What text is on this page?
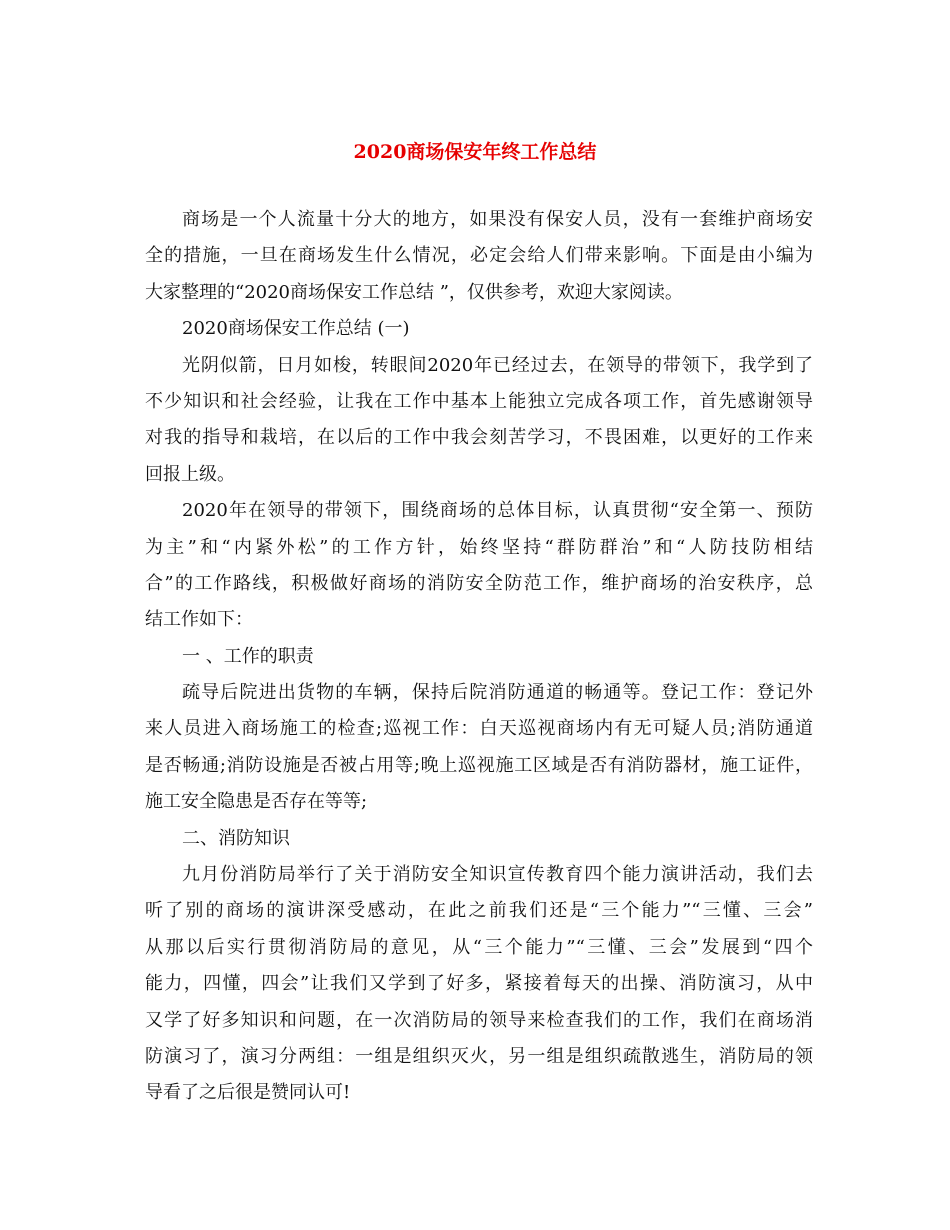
2020商场保安年终工作总结
商场是一个人流量十分大的地方，如果没有保安人员，没有一套维护商场安
全的措施，一旦在商场发生什么情况，必定会给人们带来影响。下面是由小编为
大家整理的“2020商场保安工作总结 ”，仅供参考，欢迎大家阅读。
2020商场保安工作总结 (一)
光阴似箭，日月如梭，转眼间2020年已经过去，在领导的带领下，我学到了
不少知识和社会经验，让我在工作中基本上能独立完成各项工作，首先感谢领导
对我的指导和栽培，在以后的工作中我会刻苦学习，不畏困难，以更好的工作来
回报上级。
2020年在领导的带领下，围绕商场的总体目标，认真贯彻“安全第一、预防
为主”和“内紧外松”的工作方针，始终坚持“群防群治”和“人防技防相结
合”的工作路线，积极做好商场的消防安全防范工作，维护商场的治安秩序，总
结工作如下：
一 、工作的职责
疏导后院进出货物的车辆，保持后院消防通道的畅通等。登记工作：登记外
来人员进入商场施工的检查;巡视工作：白天巡视商场内有无可疑人员;消防通道
是否畅通;消防设施是否被占用等;晚上巡视施工区域是否有消防器材，施工证件，
施工安全隐患是否存在等等;
二、消防知识
九月份消防局举行了关于消防安全知识宣传教育四个能力演讲活动，我们去
听了别的商场的演讲深受感动，在此之前我们还是“三个能力”“三懂、三会”
从那以后实行贯彻消防局的意见，从“三个能力”“三懂、三会”发展到“四个
能力，四懂，四会”让我们又学到了好多，紧接着每天的出操、消防演习，从中
又学了好多知识和问题，在一次消防局的领导来检查我们的工作，我们在商场消
防演习了，演习分两组：一组是组织灭火，另一组是组织疏散逃生，消防局的领
导看了之后很是赞同认可!
